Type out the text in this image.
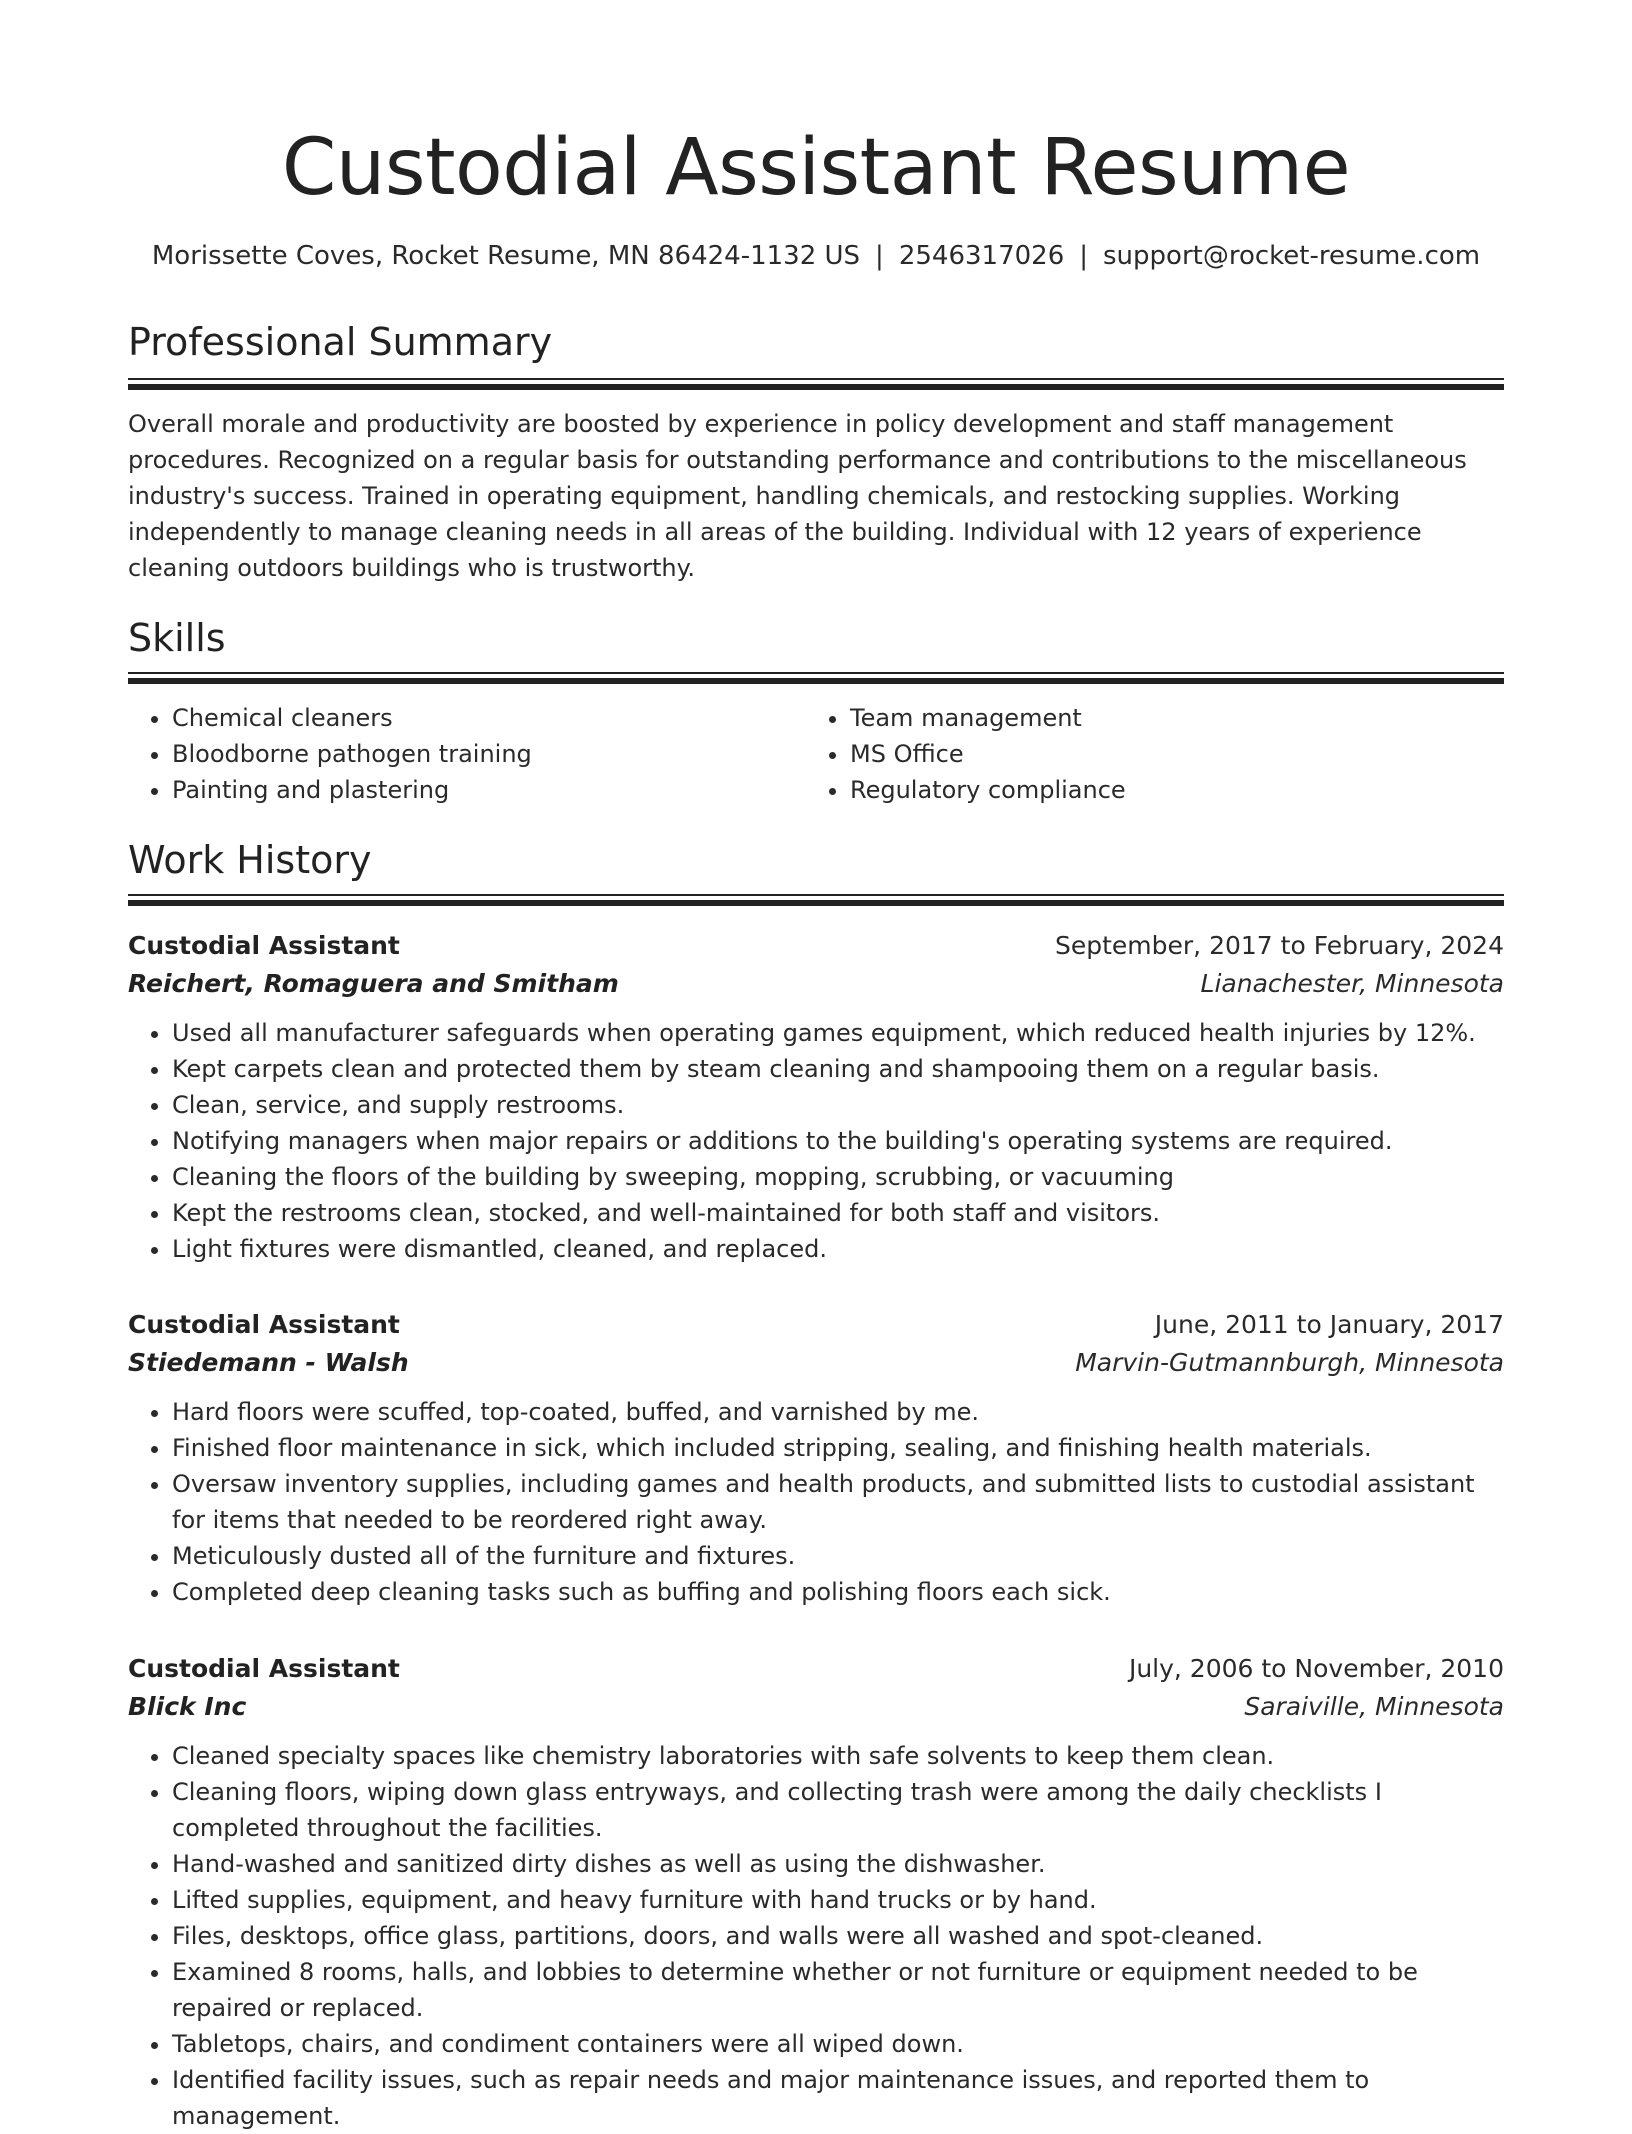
Custodial Assistant Resume
Morissette Coves, Rocket Resume, MN 86424-1132 US | 2546317026 | support@rocket-resume.com
Professional Summary

Overall morale and productivity are boosted by experience in policy development and staff management procedures. Recognized on a regular basis for outstanding performance and contributions to the miscellaneous industry's success. Trained in operating equipment, handling chemicals, and restocking supplies. Working independently to manage cleaning needs in all areas of the building. Individual with 12 years of experience cleaning outdoors buildings who is trustworthy.

Skills
• Chemical cleaners
• Bloodborne pathogen training
• Painting and plastering
• Team management
• MS Office
• Regulatory compliance
Work History
Custodial Assistant	September, 2017 to February, 2024
Reichert, Romaguera and Smitham	Lianachester, Minnesota
• Used all manufacturer safeguards when operating games equipment, which reduced health injuries by 12%.
• Kept carpets clean and protected them by steam cleaning and shampooing them on a regular basis.
• Clean, service, and supply restrooms.
• Notifying managers when major repairs or additions to the building's operating systems are required.
• Cleaning the floors of the building by sweeping, mopping, scrubbing, or vacuuming
• Kept the restrooms clean, stocked, and well-maintained for both staff and visitors.
• Light fixtures were dismantled, cleaned, and replaced.
Custodial Assistant	June, 2011 to January, 2017
Stiedemann - Walsh	Marvin-Gutmannburgh, Minnesota
• Hard floors were scuffed, top-coated, buffed, and varnished by me.
• Finished floor maintenance in sick, which included stripping, sealing, and finishing health materials.
• Oversaw inventory supplies, including games and health products, and submitted lists to custodial assistant for items that needed to be reordered right away.
• Meticulously dusted all of the furniture and fixtures.
• Completed deep cleaning tasks such as buffing and polishing floors each sick.
Custodial Assistant	July, 2006 to November, 2010
Blick Inc	Saraiville, Minnesota
• Cleaned specialty spaces like chemistry laboratories with safe solvents to keep them clean.
• Cleaning floors, wiping down glass entryways, and collecting trash were among the daily checklists I completed throughout the facilities.
• Hand-washed and sanitized dirty dishes as well as using the dishwasher.
• Lifted supplies, equipment, and heavy furniture with hand trucks or by hand.
• Files, desktops, office glass, partitions, doors, and walls were all washed and spot-cleaned.
• Examined 8 rooms, halls, and lobbies to determine whether or not furniture or equipment needed to be repaired or replaced.
• Tabletops, chairs, and condiment containers were all wiped down.
• Identified facility issues, such as repair needs and major maintenance issues, and reported them to management.
